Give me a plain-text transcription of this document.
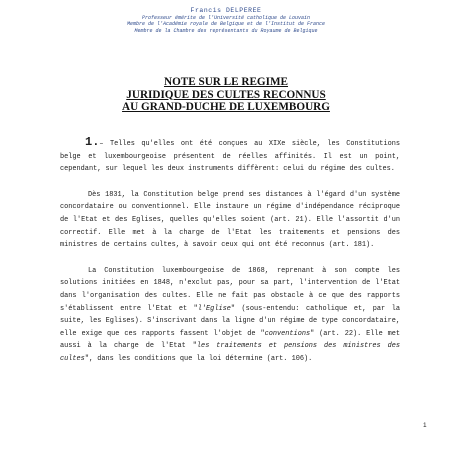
Francis DELPEREE
Professeur émérite de l'Université catholique de Louvain
Membre de l'Académie royale de Belgique et de l'Institut de France
Membre de la Chambre des représentants du Royaume de Belgique
NOTE SUR LE REGIME
JURIDIQUE DES CULTES RECONNUS
AU GRAND-DUCHE DE LUXEMBOURG

1.– Telles qu'elles ont été conçues au XIXe siècle, les Constitutions belge et luxembourgeoise présentent de réelles affinités. Il est un point, cependant, sur lequel les deux instruments diffèrent: celui du régime des cultes.

Dès 1831, la Constitution belge prend ses distances à l'égard d'un système concordataire ou conventionnel. Elle instaure un régime d'indépendance réciproque de l'Etat et des Eglises, quelles qu'elles soient (art. 21). Elle l'assortit d'un correctif. Elle met à la charge de l'Etat les traitements et pensions des ministres de certains cultes, à savoir ceux qui ont été reconnus (art. 181).

La Constitution luxembourgeoise de 1868, reprenant à son compte les solutions initiées en 1848, n'exclut pas, pour sa part, l'intervention de l'Etat dans l'organisation des cultes. Elle ne fait pas obstacle à ce que des rapports s'établissent entre l'Etat et "l'Eglise" (sous-entendu: catholique et, par la suite, les Eglises). S'inscrivant dans la ligne d'un régime de type concordataire, elle exige que ces rapports fassent l'objet de "conventions" (art. 22). Elle met aussi à la charge de l'Etat "les traitements et pensions des ministres des cultes", dans les conditions que la loi détermine (art. 106).

1
